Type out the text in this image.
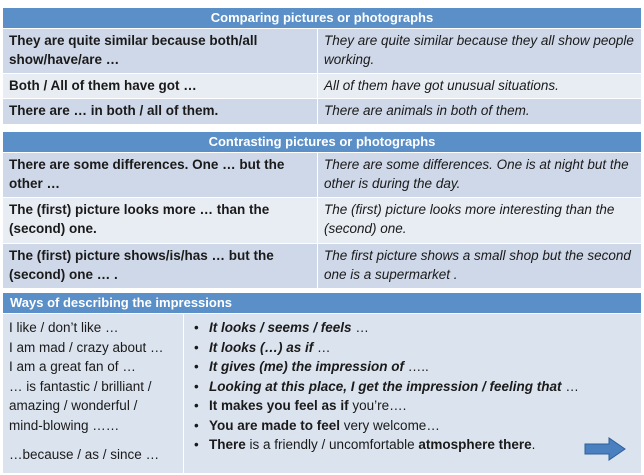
Comparing pictures or photographs
They are quite similar because both/all show/have/are …
They are quite similar because they all show people working.
Both / All of them have got …	All of them have got unusual situations.
There are … in both / all of them.	There are animals in both of them.
Contrasting pictures or photographs
There are some differences. One … but the other …
There are some differences. One is at night but the other is during the day.
The (first) picture looks more … than the (second) one.
The (first) picture looks more interesting than the (second) one.
The (first) picture shows/is/has … but the (second) one … .
The first picture shows a small shop but the second one is a supermarket .
Ways of describing the impressions
I like / don’t like …
I am mad / crazy about …
I am a great fan of …
… is fantastic / brilliant /
amazing / wonderful /
mind-blowing ……
…because / as / since …
• It looks / seems / feels …
• It looks (…) as if …
• It gives (me) the impression of …..
• Looking at this place, I get the impression / feeling that …
• It makes you feel as if you’re….
• You are made to feel very welcome…
• There is a friendly / uncomfortable atmosphere there.
